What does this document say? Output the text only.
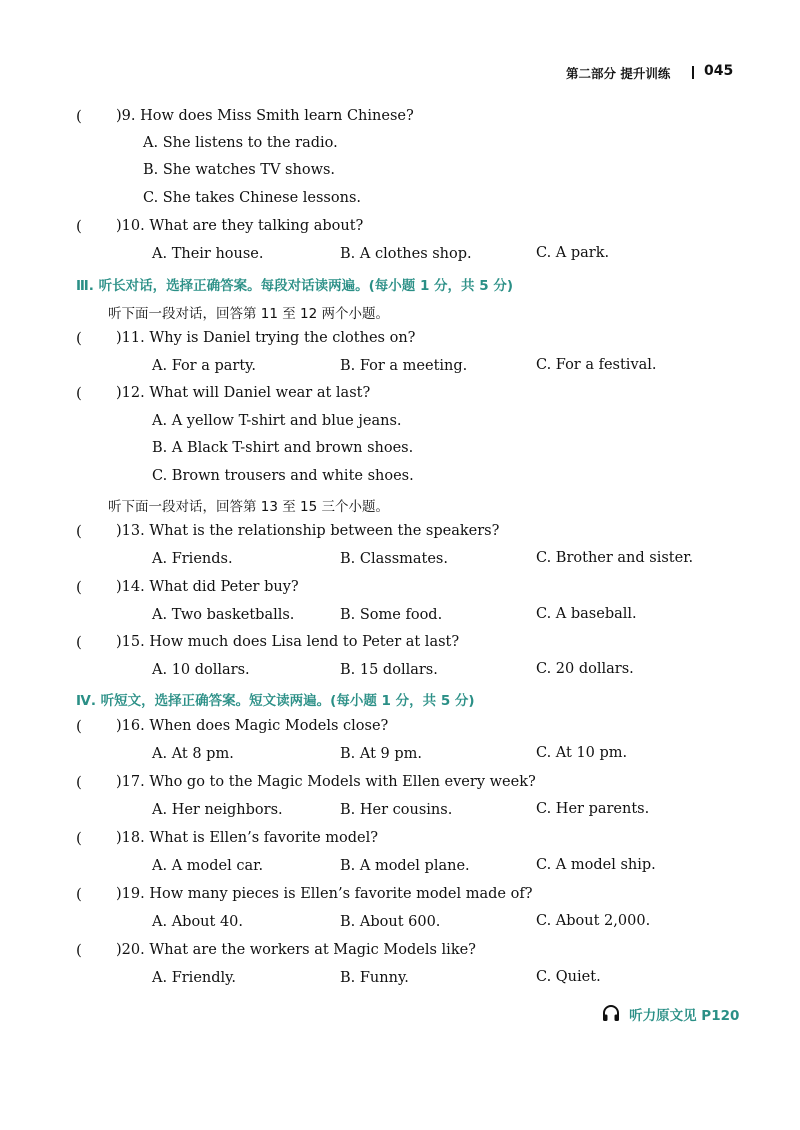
第二部分 提升训练 045
( )9. How does Miss Smith learn Chinese?
A. She listens to the radio.
B. She watches TV shows.
C. She takes Chinese lessons.
( )10. What are they talking about?
A. Their house.	B. A clothes shop.	C. A park.
Ⅲ. 听长对话，选择正确答案。每段对话读两遍。(每小题 1 分，共 5 分)
听下面一段对话，回答第 11 至 12 两个小题。
( )11. Why is Daniel trying the clothes on?
A. For a party.	B. For a meeting.	C. For a festival.
( )12. What will Daniel wear at last?
A. A yellow T-shirt and blue jeans.
B. A Black T-shirt and brown shoes.
C. Brown trousers and white shoes.
听下面一段对话，回答第 13 至 15 三个小题。
( )13. What is the relationship between the speakers?
A. Friends.	B. Classmates.	C. Brother and sister.
( )14. What did Peter buy?
A. Two basketballs.	B. Some food.	C. A baseball.
( )15. How much does Lisa lend to Peter at last?
A. 10 dollars.	B. 15 dollars.	C. 20 dollars.
Ⅳ. 听短文，选择正确答案。短文读两遍。(每小题 1 分，共 5 分)
( )16. When does Magic Models close?
A. At 8 pm.	B. At 9 pm.	C. At 10 pm.
( )17. Who go to the Magic Models with Ellen every week?
A. Her neighbors.	B. Her cousins.	C. Her parents.
( )18. What is Ellen’s favorite model?
A. A model car.	B. A model plane.	C. A model ship.
( )19. How many pieces is Ellen’s favorite model made of?
A. About 40.	B. About 600.	C. About 2,000.
( )20. What are the workers at Magic Models like?
A. Friendly.	B. Funny.	C. Quiet.
听力原文见 P120
